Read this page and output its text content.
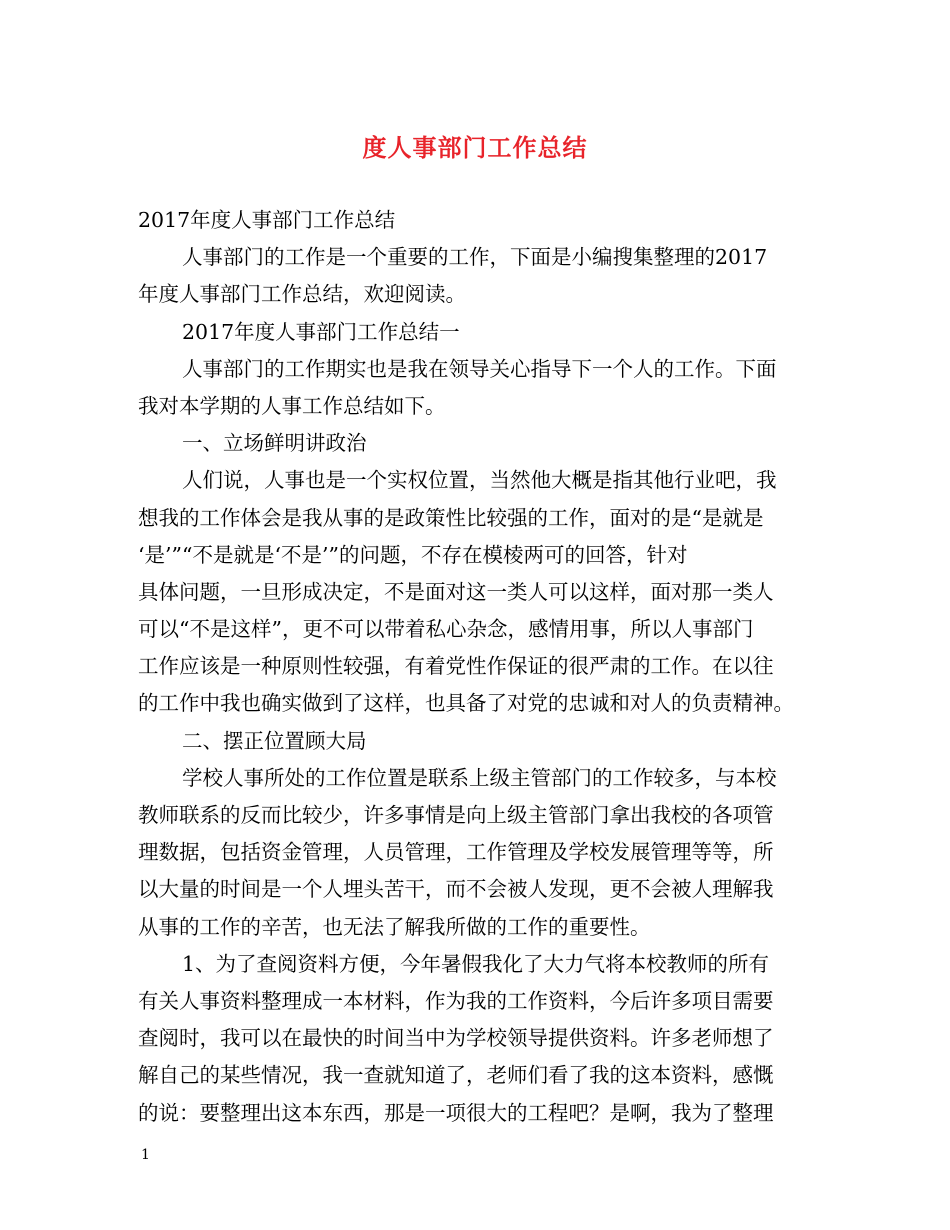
度人事部门工作总结
2017年度人事部门工作总结
人事部门的工作是一个重要的工作，下面是小编搜集整理的2017
年度人事部门工作总结，欢迎阅读。
2017年度人事部门工作总结一
人事部门的工作期实也是我在领导关心指导下一个人的工作。下面
我对本学期的人事工作总结如下。
一、立场鲜明讲政治
人们说，人事也是一个实权位置，当然他大概是指其他行业吧，我
想我的工作体会是我从事的是政策性比较强的工作，面对的是“是就是
‘是’”“不是就是‘不是’”的问题，不存在模棱两可的回答，针对
具体问题，一旦形成决定，不是面对这一类人可以这样，面对那一类人
可以“不是这样”，更不可以带着私心杂念，感情用事，所以人事部门
工作应该是一种原则性较强，有着党性作保证的很严肃的工作。在以往
的工作中我也确实做到了这样，也具备了对党的忠诚和对人的负责精神。
二、摆正位置顾大局
学校人事所处的工作位置是联系上级主管部门的工作较多，与本校
教师联系的反而比较少，许多事情是向上级主管部门拿出我校的各项管
理数据，包括资金管理，人员管理，工作管理及学校发展管理等等，所
以大量的时间是一个人埋头苦干，而不会被人发现，更不会被人理解我
从事的工作的辛苦，也无法了解我所做的工作的重要性。
1、为了查阅资料方便，今年暑假我化了大力气将本校教师的所有
有关人事资料整理成一本材料，作为我的工作资料，今后许多项目需要
查阅时，我可以在最快的时间当中为学校领导提供资料。许多老师想了
解自己的某些情况，我一查就知道了，老师们看了我的这本资料，感慨
的说：要整理出这本东西，那是一项很大的工程吧？是啊，我为了整理
1
